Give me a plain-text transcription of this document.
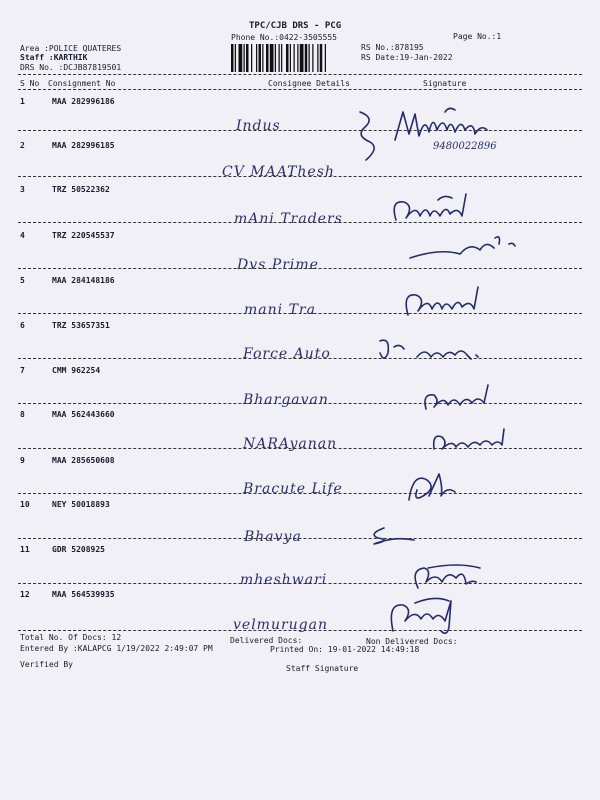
TPC/CJB DRS - PCG
Phone No.:0422-3505555	Page No.:1
Area :POLICE QUATERES
Staff :KARTHIK
DRS No. :DCJB87819501
RS No.:878195
RS Date:19-Jan-2022
S No Consignment No	Consignee Details	Signature
1	MAA 282996186
Indus
2	MAA 282996185
CV MAAThesh
3	TRZ 50522362
mAni Traders
4	TRZ 220545537
Dvs Prime
5	MAA 284148186
mani Tra
6	TRZ 53657351
Force Auto
7	CMM 962254
Bhargavan
8	MAA 562443660
NARAyanan
9	MAA 285650608
Bracute Life
10	NEY 50018893
Bhavya
11	GDR 5208925
mheshwari
12	MAA 564539935
velmurugan
9480022896
Total No. Of Docs: 12	Delivered Docs:	Non Delivered Docs:
Entered By :KALAPCG 1/19/2022 2:49:07 PM	Printed On: 19-01-2022 14:49:18
Verified By	Staff Signature
